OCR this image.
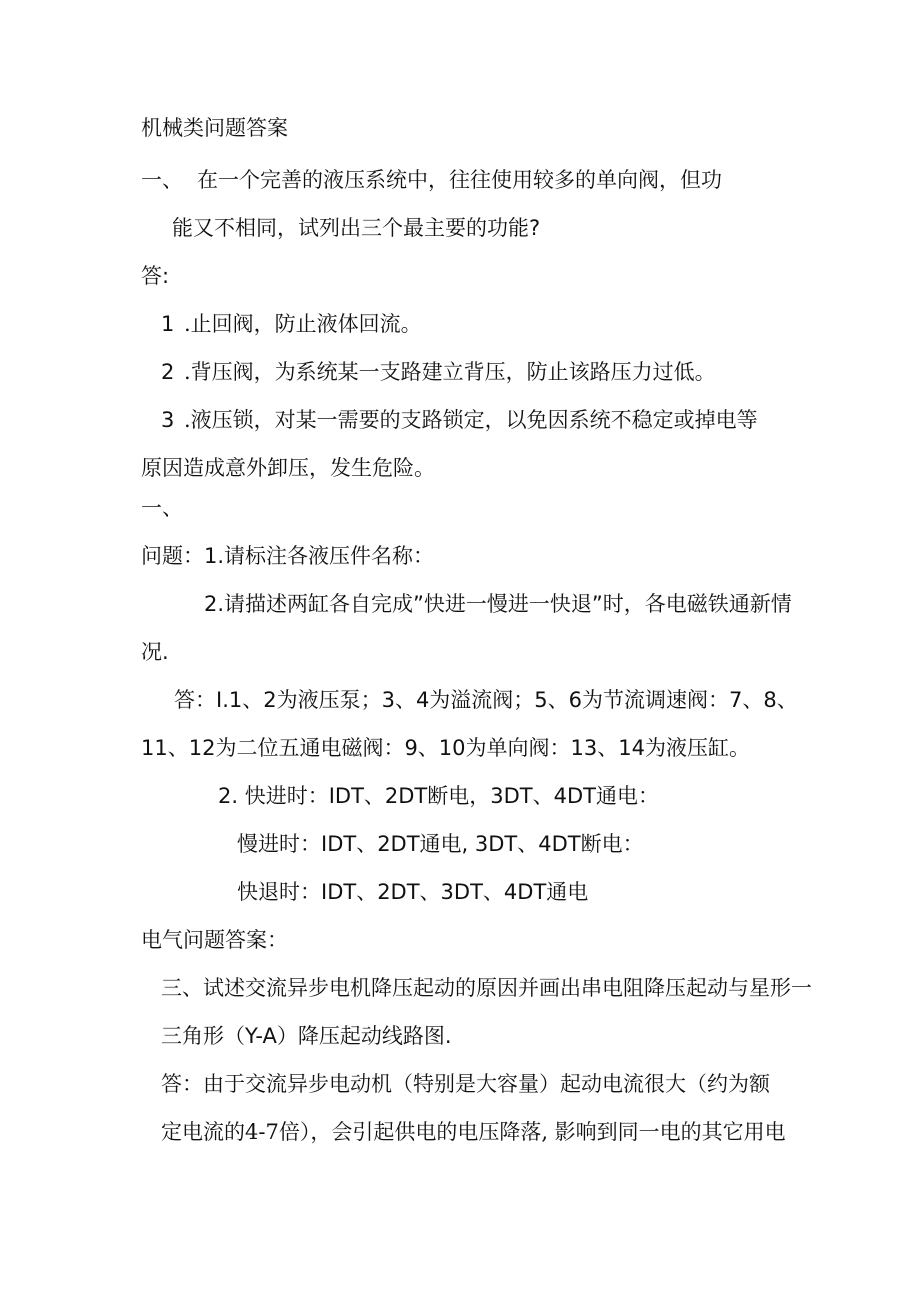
机械类问题答案
一、 在一个完善的液压系统中，往往使用较多的单向阀，但功
能又不相同，试列出三个最主要的功能?
答:
1 .止回阀，防止液体回流。
2 .背压阀，为系统某一支路建立背压，防止该路压力过低。
3 .液压锁，对某一需要的支路锁定，以免因系统不稳定或掉电等
原因造成意外卸压，发生危险。
一、
问题：1.请标注各液压件名称：
2.请描述两缸各自完成”快进一慢进一快退”时，各电磁铁通新情
况.
答：I.1、2为液压泵；3、4为溢流阀；5、6为节流调速阀：7、8、
11、12为二位五通电磁阀：9、10为单向阀：13、14为液压缸。
2. 快进时：IDT、2DT断电，3DT、4DT通电：
慢进时：IDT、2DT通电, 3DT、4DT断电：
快退时：IDT、2DT、3DT、4DT通电
电气问题答案：
三、试述交流异步电机降压起动的原因并画出串电阻降压起动与星形一
三角形（Y-A）降压起动线路图.
答：由于交流异步电动机（特别是大容量）起动电流很大（约为额
定电流的4-7倍），会引起供电的电压降落, 影响到同一电的其它用电
